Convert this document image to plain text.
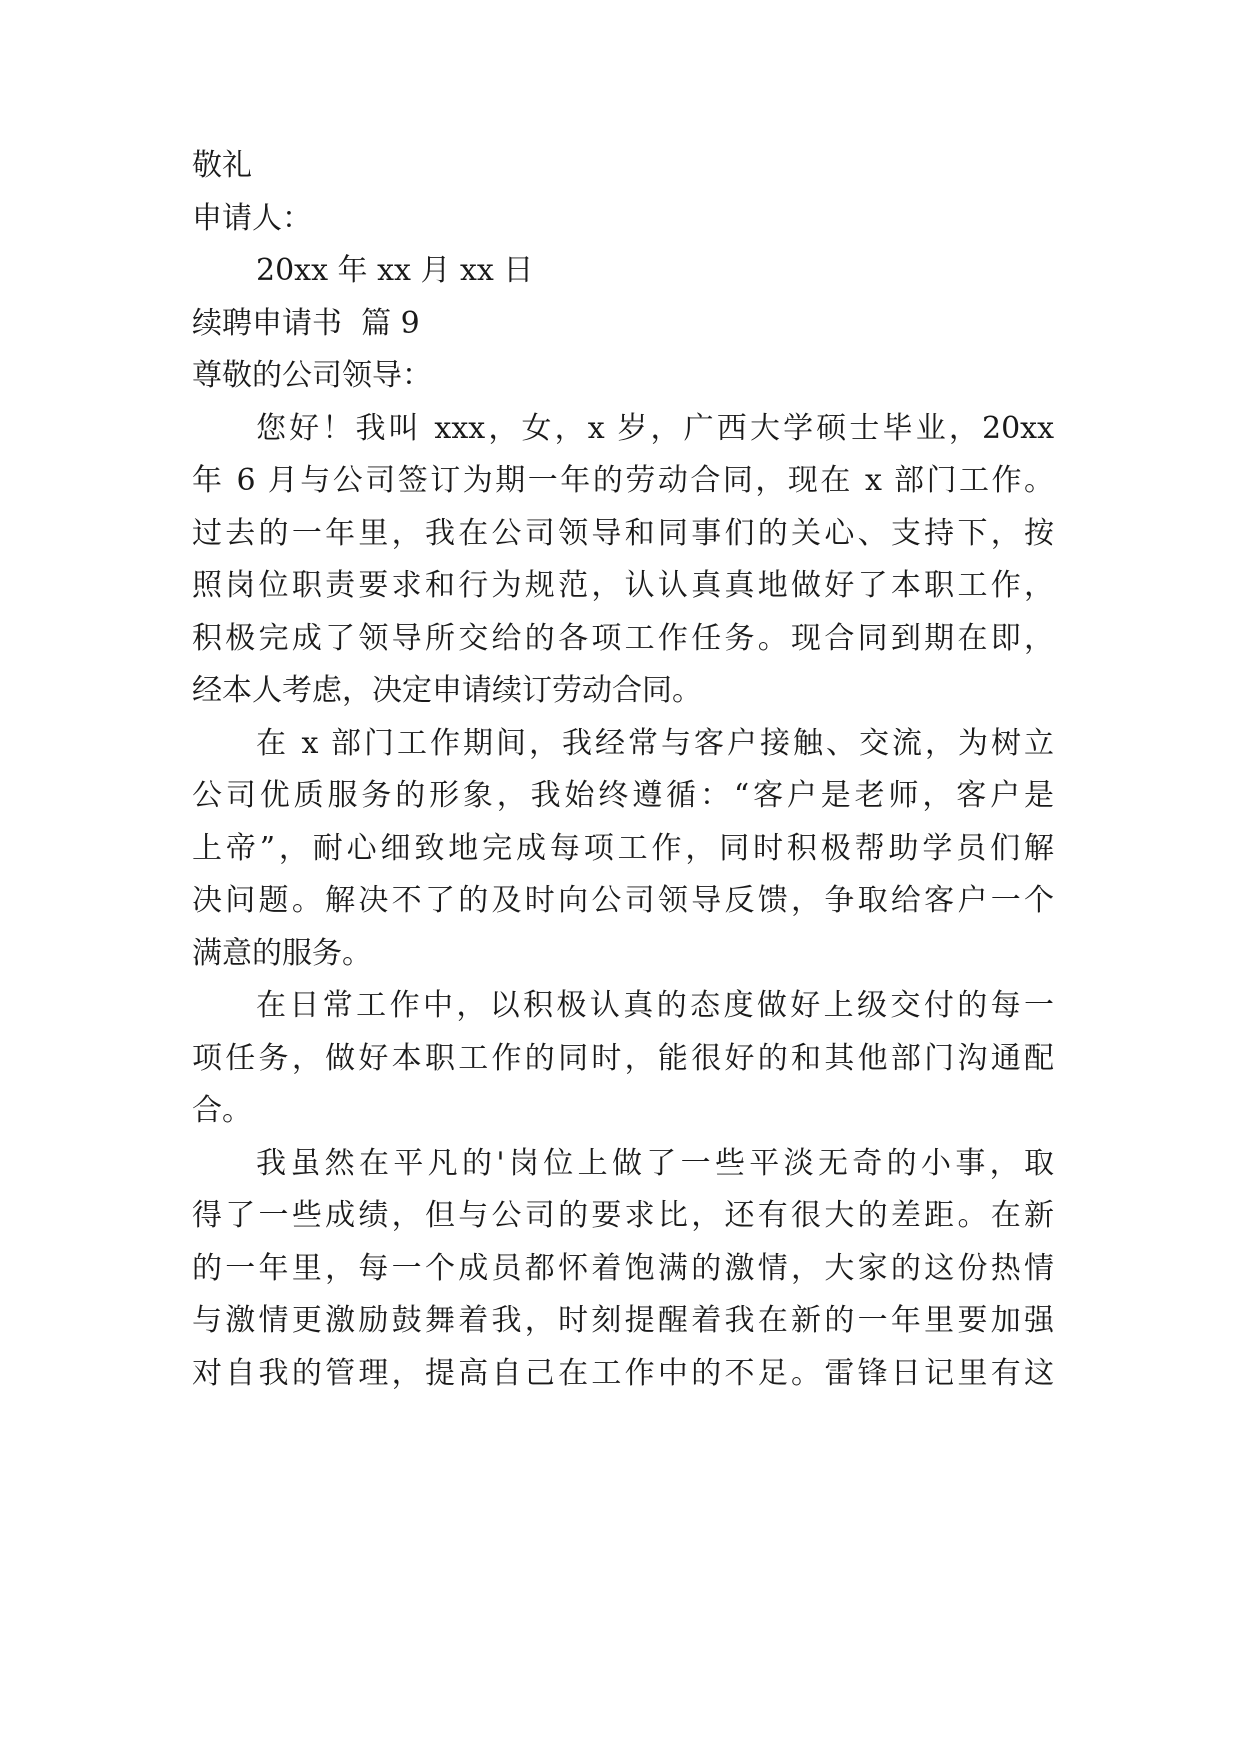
敬礼
申请人：
20xx 年 xx 月 xx 日
续聘申请书  篇 9
尊敬的公司领导：
您好！我叫 xxx，女，x 岁，广西大学硕士毕业，20xx
年 6 月与公司签订为期一年的劳动合同，现在 x 部门工作。
过去的一年里，我在公司领导和同事们的关心、支持下，按
照岗位职责要求和行为规范，认认真真地做好了本职工作，
积极完成了领导所交给的各项工作任务。现合同到期在即，
经本人考虑，决定申请续订劳动合同。
在 x 部门工作期间，我经常与客户接触、交流，为树立
公司优质服务的形象，我始终遵循：“客户是老师，客户是
上帝”，耐心细致地完成每项工作，同时积极帮助学员们解
决问题。解决不了的及时向公司领导反馈，争取给客户一个
满意的服务。
在日常工作中，以积极认真的态度做好上级交付的每一
项任务，做好本职工作的同时，能很好的和其他部门沟通配
合。
我虽然在平凡的'岗位上做了一些平淡无奇的小事，取
得了一些成绩，但与公司的要求比，还有很大的差距。在新
的一年里，每一个成员都怀着饱满的激情，大家的这份热情
与激情更激励鼓舞着我，时刻提醒着我在新的一年里要加强
对自我的管理，提高自己在工作中的不足。雷锋日记里有这
